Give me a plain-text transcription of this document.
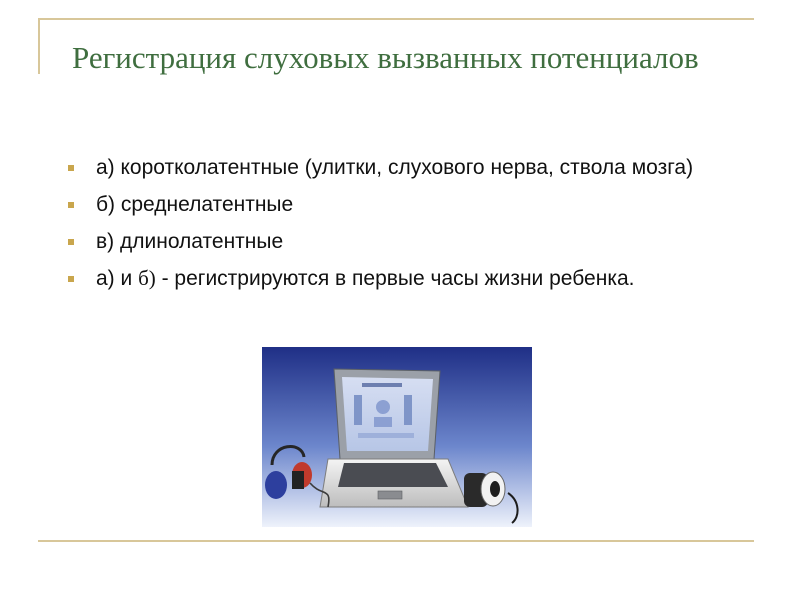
Регистрация слуховых вызванных потенциалов
а) коротколатентные (улитки, слухового нерва, ствола мозга)
б) среднелатентные
в) длинолатентные
а) и б) - регистрируются в первые часы жизни ребенка.
